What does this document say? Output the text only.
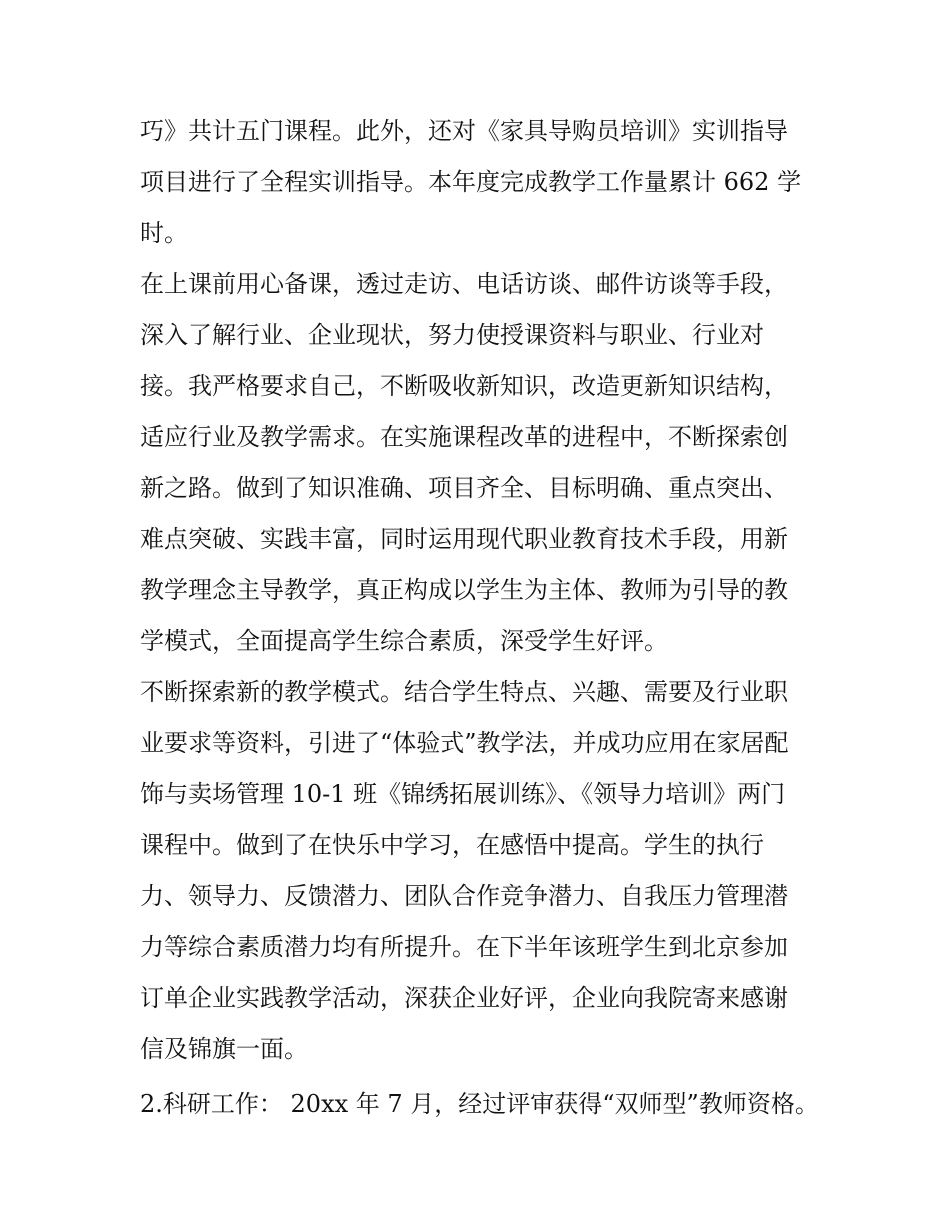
巧》共计五门课程。此外，还对《家具导购员培训》实训指导
项目进行了全程实训指导。本年度完成教学工作量累计 662 学
时。
在上课前用心备课，透过走访、电话访谈、邮件访谈等手段，
深入了解行业、企业现状，努力使授课资料与职业、行业对
接。我严格要求自己，不断吸收新知识，改造更新知识结构，
适应行业及教学需求。在实施课程改革的进程中，不断探索创
新之路。做到了知识准确、项目齐全、目标明确、重点突出、
难点突破、实践丰富，同时运用现代职业教育技术手段，用新
教学理念主导教学，真正构成以学生为主体、教师为引导的教
学模式，全面提高学生综合素质，深受学生好评。
不断探索新的教学模式。结合学生特点、兴趣、需要及行业职
业要求等资料，引进了“体验式”教学法，并成功应用在家居配
饰与卖场管理 10-1 班《锦绣拓展训练》、《领导力培训》两门
课程中。做到了在快乐中学习，在感悟中提高。学生的执行
力、领导力、反馈潜力、团队合作竞争潜力、自我压力管理潜
力等综合素质潜力均有所提升。在下半年该班学生到北京参加
订单企业实践教学活动，深获企业好评，企业向我院寄来感谢
信及锦旗一面。
2.科研工作： 20xx 年 7 月，经过评审获得“双师型”教师资格。
